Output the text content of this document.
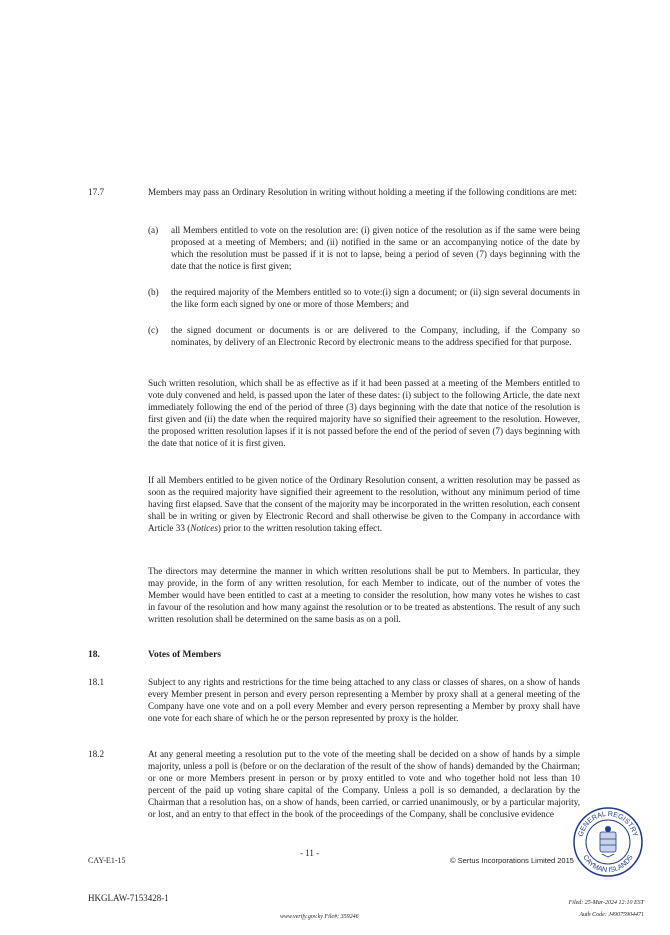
17.7	Members may pass an Ordinary Resolution in writing without holding a meeting if the following conditions are met:
(a) all Members entitled to vote on the resolution are: (i) given notice of the resolution as if the same were being proposed at a meeting of Members; and (ii) notified in the same or an accompanying notice of the date by which the resolution must be passed if it is not to lapse, being a period of seven (7) days beginning with the date that the notice is first given;
(b) the required majority of the Members entitled so to vote:(i) sign a document; or (ii) sign several documents in the like form each signed by one or more of those Members; and
(c) the signed document or documents is or are delivered to the Company, including, if the Company so nominates, by delivery of an Electronic Record by electronic means to the address specified for that purpose.
Such written resolution, which shall be as effective as if it had been passed at a meeting of the Members entitled to vote duly convened and held, is passed upon the later of these dates: (i) subject to the following Article, the date next immediately following the end of the period of three (3) days beginning with the date that notice of the resolution is first given and (ii) the date when the required majority have so signified their agreement to the resolution. However, the proposed written resolution lapses if it is not passed before the end of the period of seven (7) days beginning with the date that notice of it is first given.
If all Members entitled to be given notice of the Ordinary Resolution consent, a written resolution may be passed as soon as the required majority have signified their agreement to the resolution, without any minimum period of time having first elapsed. Save that the consent of the majority may be incorporated in the written resolution, each consent shall be in writing or given by Electronic Record and shall otherwise be given to the Company in accordance with Article 33 (Notices) prior to the written resolution taking effect.
The directors may determine the manner in which written resolutions shall be put to Members. In particular, they may provide, in the form of any written resolution, for each Member to indicate, out of the number of votes the Member would have been entitled to cast at a meeting to consider the resolution, how many votes he wishes to cast in favour of the resolution and how many against the resolution or to be treated as abstentions. The result of any such written resolution shall be determined on the same basis as on a poll.
18.	Votes of Members
18.1	Subject to any rights and restrictions for the time being attached to any class or classes of shares, on a show of hands every Member present in person and every person representing a Member by proxy shall at a general meeting of the Company have one vote and on a poll every Member and every person representing a Member by proxy shall have one vote for each share of which he or the person represented by proxy is the holder.
18.2	At any general meeting a resolution put to the vote of the meeting shall be decided on a show of hands by a simple majority, unless a poll is (before or on the declaration of the result of the show of hands) demanded by the Chairman; or one or more Members present in person or by proxy entitled to vote and who together hold not less than 10 percent of the paid up voting share capital of the Company. Unless a poll is so demanded, a declaration by the Chairman that a resolution has, on a show of hands, been carried, or carried unanimously, or by a particular majority, or lost, and an entry to that effect in the book of the proceedings of the Company, shall be conclusive evidence
CAY-E1-15
- 11 -
© Sertus Incorporations Limited 2015
HKGLAW-7153428-1
www.verify.gov.ky File#: 359246
Filed: 25-Mar-2024 12:10 EST
Auth Code: J49075904471
GENERAL REGISTRY
CAYMAN ISLANDS
